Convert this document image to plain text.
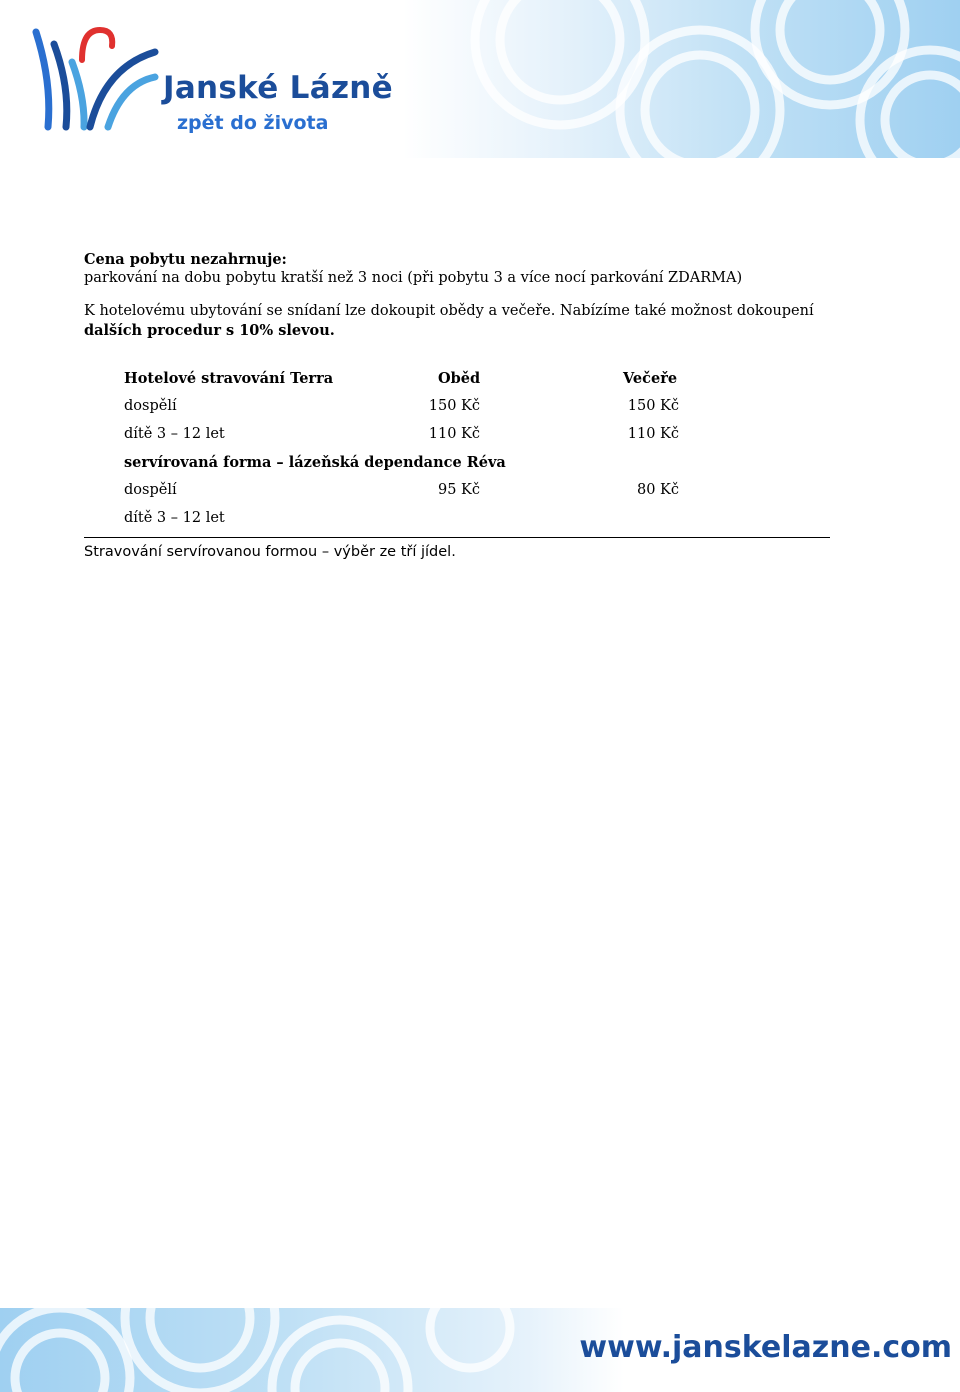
Janské Lázně
zpět do života

Cena pobytu nezahrnuje:

parkování na dobu pobytu kratší než 3 noci (při pobytu 3 a více nocí parkování ZDARMA)

K hotelovému ubytování se snídaní lze dokoupit obědy a večeře. Nabízíme také možnost dokoupení

dalších procedur s 10% slevou.

Hotelové stravování Terra	Oběd	Večeře
dospělí	150 Kč	150 Kč
dítě 3 – 12 let	110 Kč	110 Kč
servírovaná forma – lázeňská dependance Réva
dospělí	95 Kč	80 Kč
dítě 3 – 12 let
Stravování servírovanou formou – výběr ze tří jídel.
www.janskelazne.com
